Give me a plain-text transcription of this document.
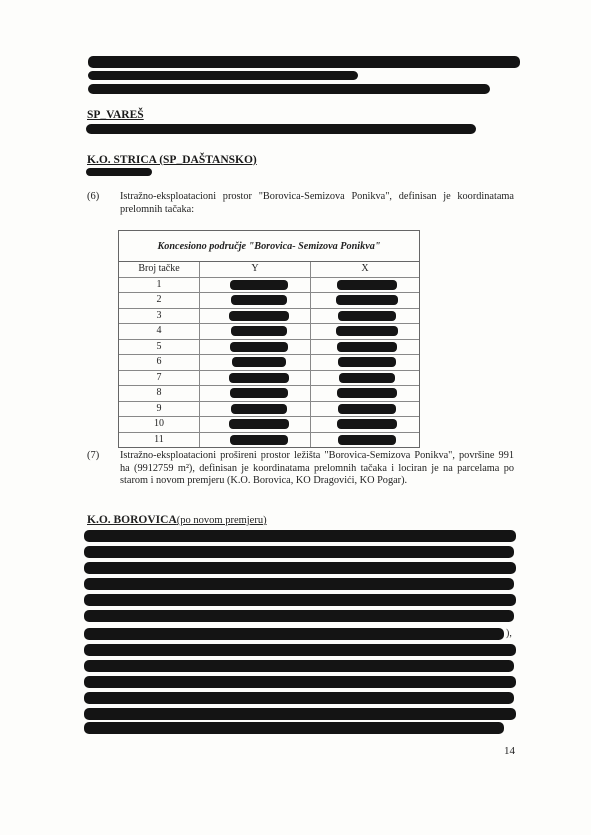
SP_VAREŠ
K.O. STRICA (SP_DAŠTANSKO)
(6) Istražno-eksploatacioni prostor "Borovica-Semizova Ponikva", definisan je koordinatama prelomnih tačaka:
Koncesiono područje "Borovica- Semizova Ponikva"
Broj tačke	Y	X
1
2
3
4
5
6
7
8
9
10
11
(7) Istražno-eksploatacioni prošireni prostor ležišta "Borovica-Semizova Ponikva", površine 991 ha (9912759 m²), definisan je koordinatama prelomnih tačaka i lociran je na parcelama po starom i novom premjeru (K.O. Borovica, KO Dragovići, KO Pogar).
K.O. BOROVICA(po novom premjeru)
),
14
